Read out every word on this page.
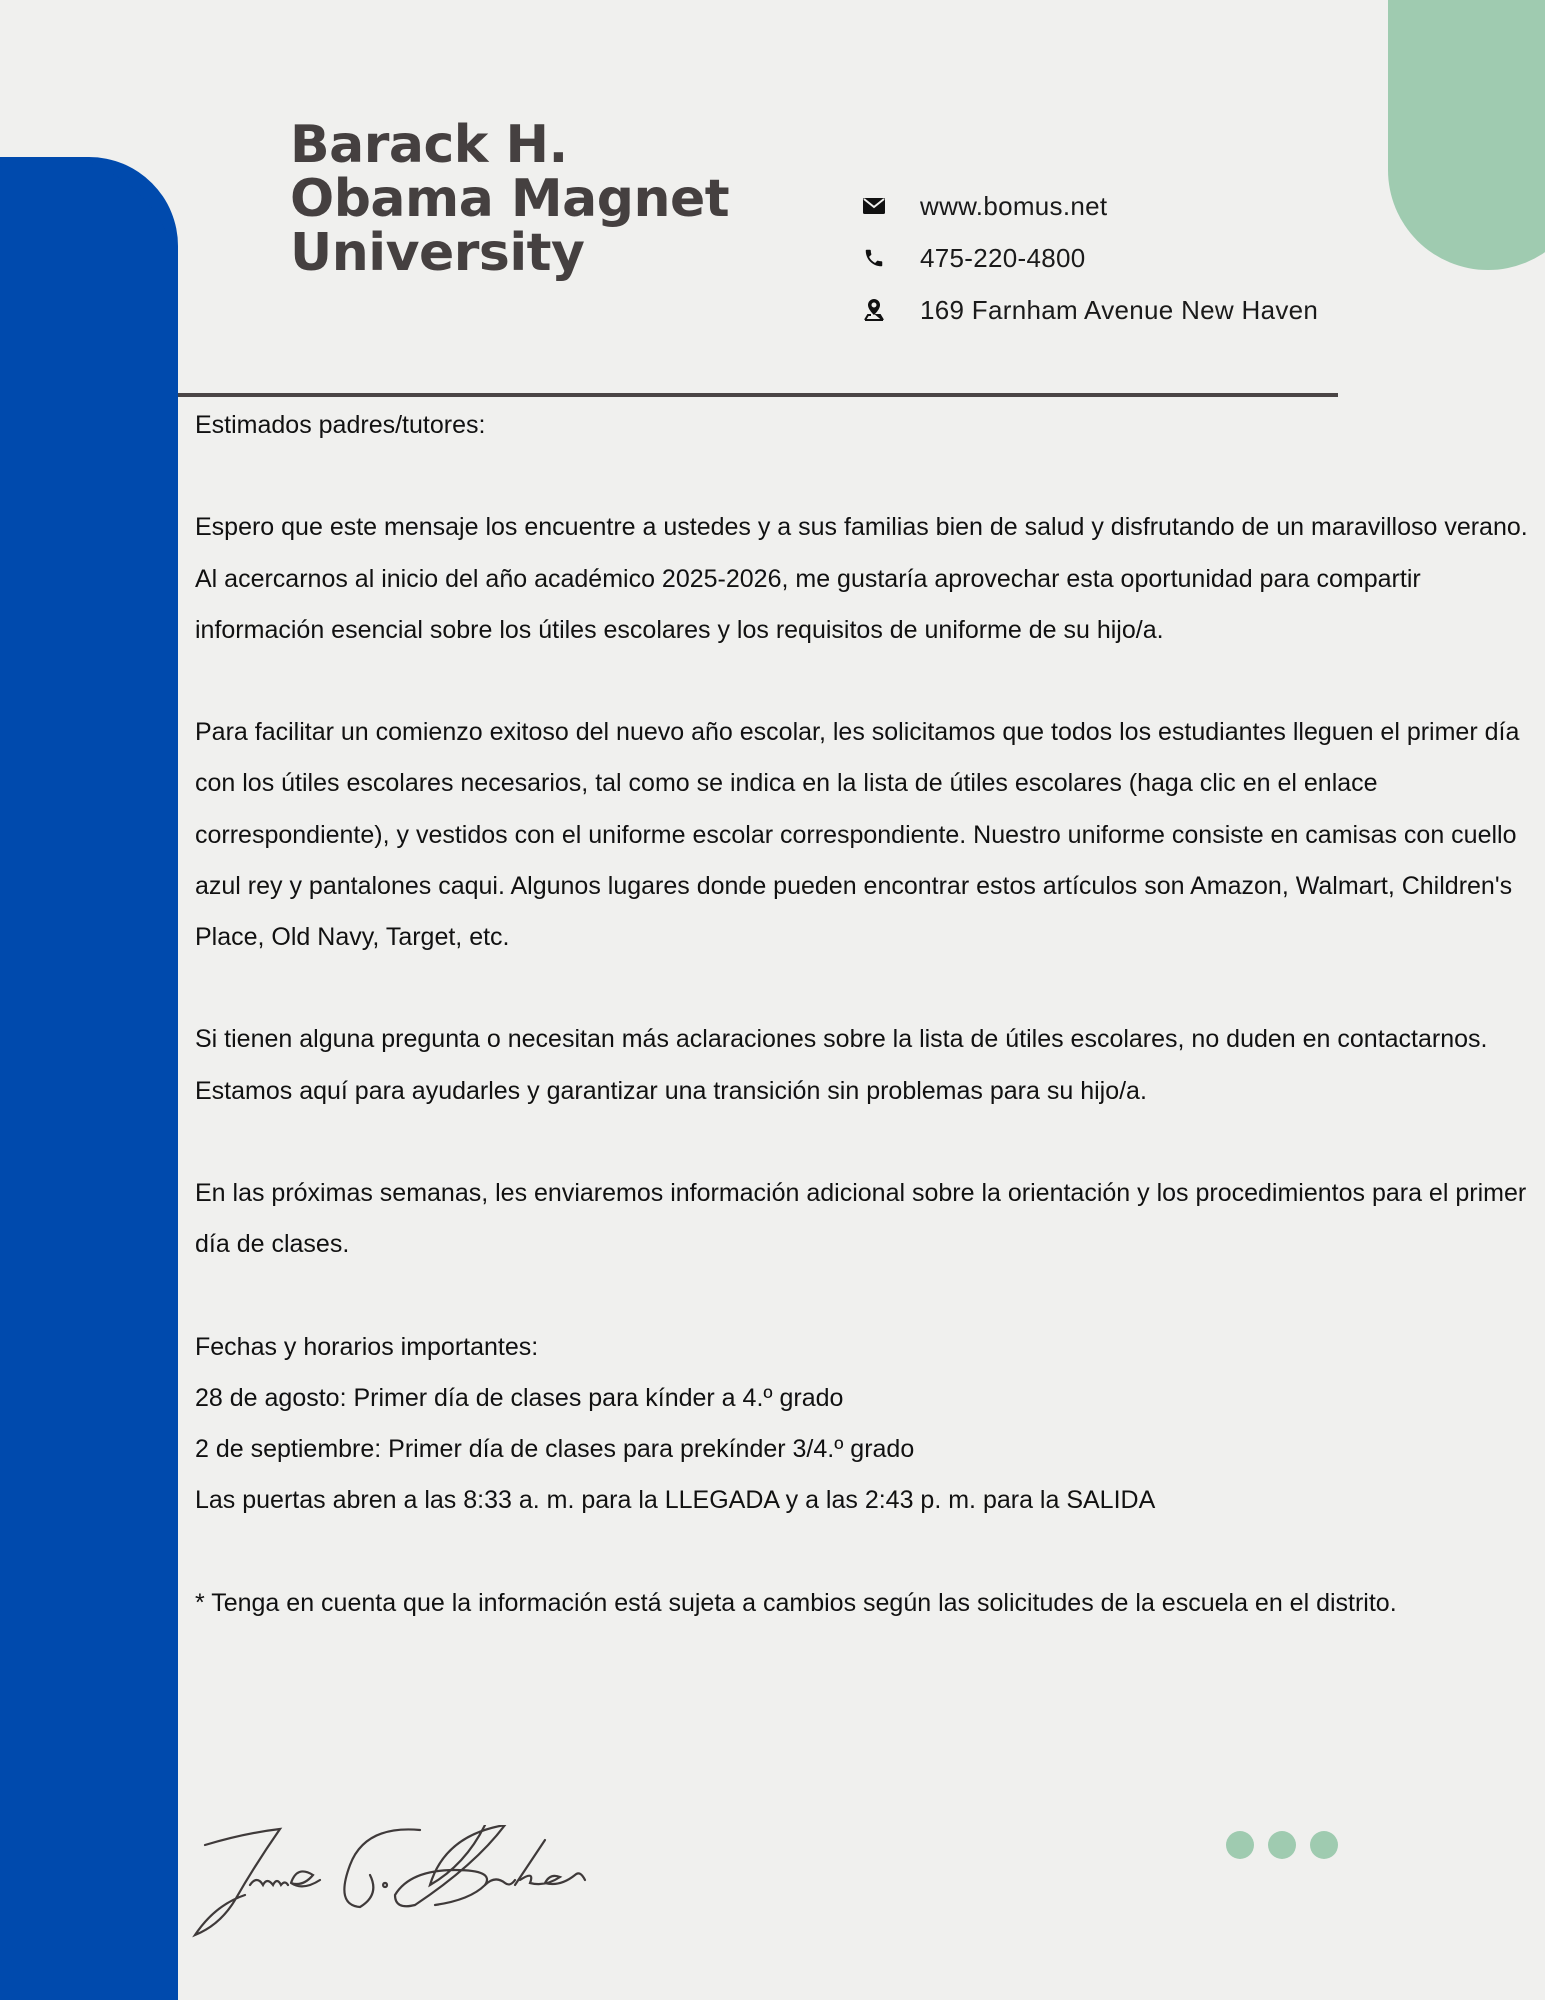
Barack H.
Obama Magnet
University
www.bomus.net
475-220-4800
169 Farnham Avenue New Haven

Estimados padres/tutores:

Espero que este mensaje los encuentre a ustedes y a sus familias bien de salud y disfrutando de un maravilloso verano. Al acercarnos al inicio del año académico 2025-2026, me gustaría aprovechar esta oportunidad para compartir información esencial sobre los útiles escolares y los requisitos de uniforme de su hijo/a.

Para facilitar un comienzo exitoso del nuevo año escolar, les solicitamos que todos los estudiantes lleguen el primer día con los útiles escolares necesarios, tal como se indica en la lista de útiles escolares (haga clic en el enlace correspondiente), y vestidos con el uniforme escolar correspondiente. Nuestro uniforme consiste en camisas con cuello azul rey y pantalones caqui. Algunos lugares donde pueden encontrar estos artículos son Amazon, Walmart, Children's Place, Old Navy, Target, etc.

Si tienen alguna pregunta o necesitan más aclaraciones sobre la lista de útiles escolares, no duden en contactarnos. Estamos aquí para ayudarles y garantizar una transición sin problemas para su hijo/a.

En las próximas semanas, les enviaremos información adicional sobre la orientación y los procedimientos para el primer día de clases.

Fechas y horarios importantes:

28 de agosto: Primer día de clases para kínder a 4.º grado

2 de septiembre: Primer día de clases para prekínder 3/4.º grado

Las puertas abren a las 8:33 a. m. para la LLEGADA y a las 2:43 p. m. para la SALIDA

* Tenga en cuenta que la información está sujeta a cambios según las solicitudes de la escuela en el distrito.
